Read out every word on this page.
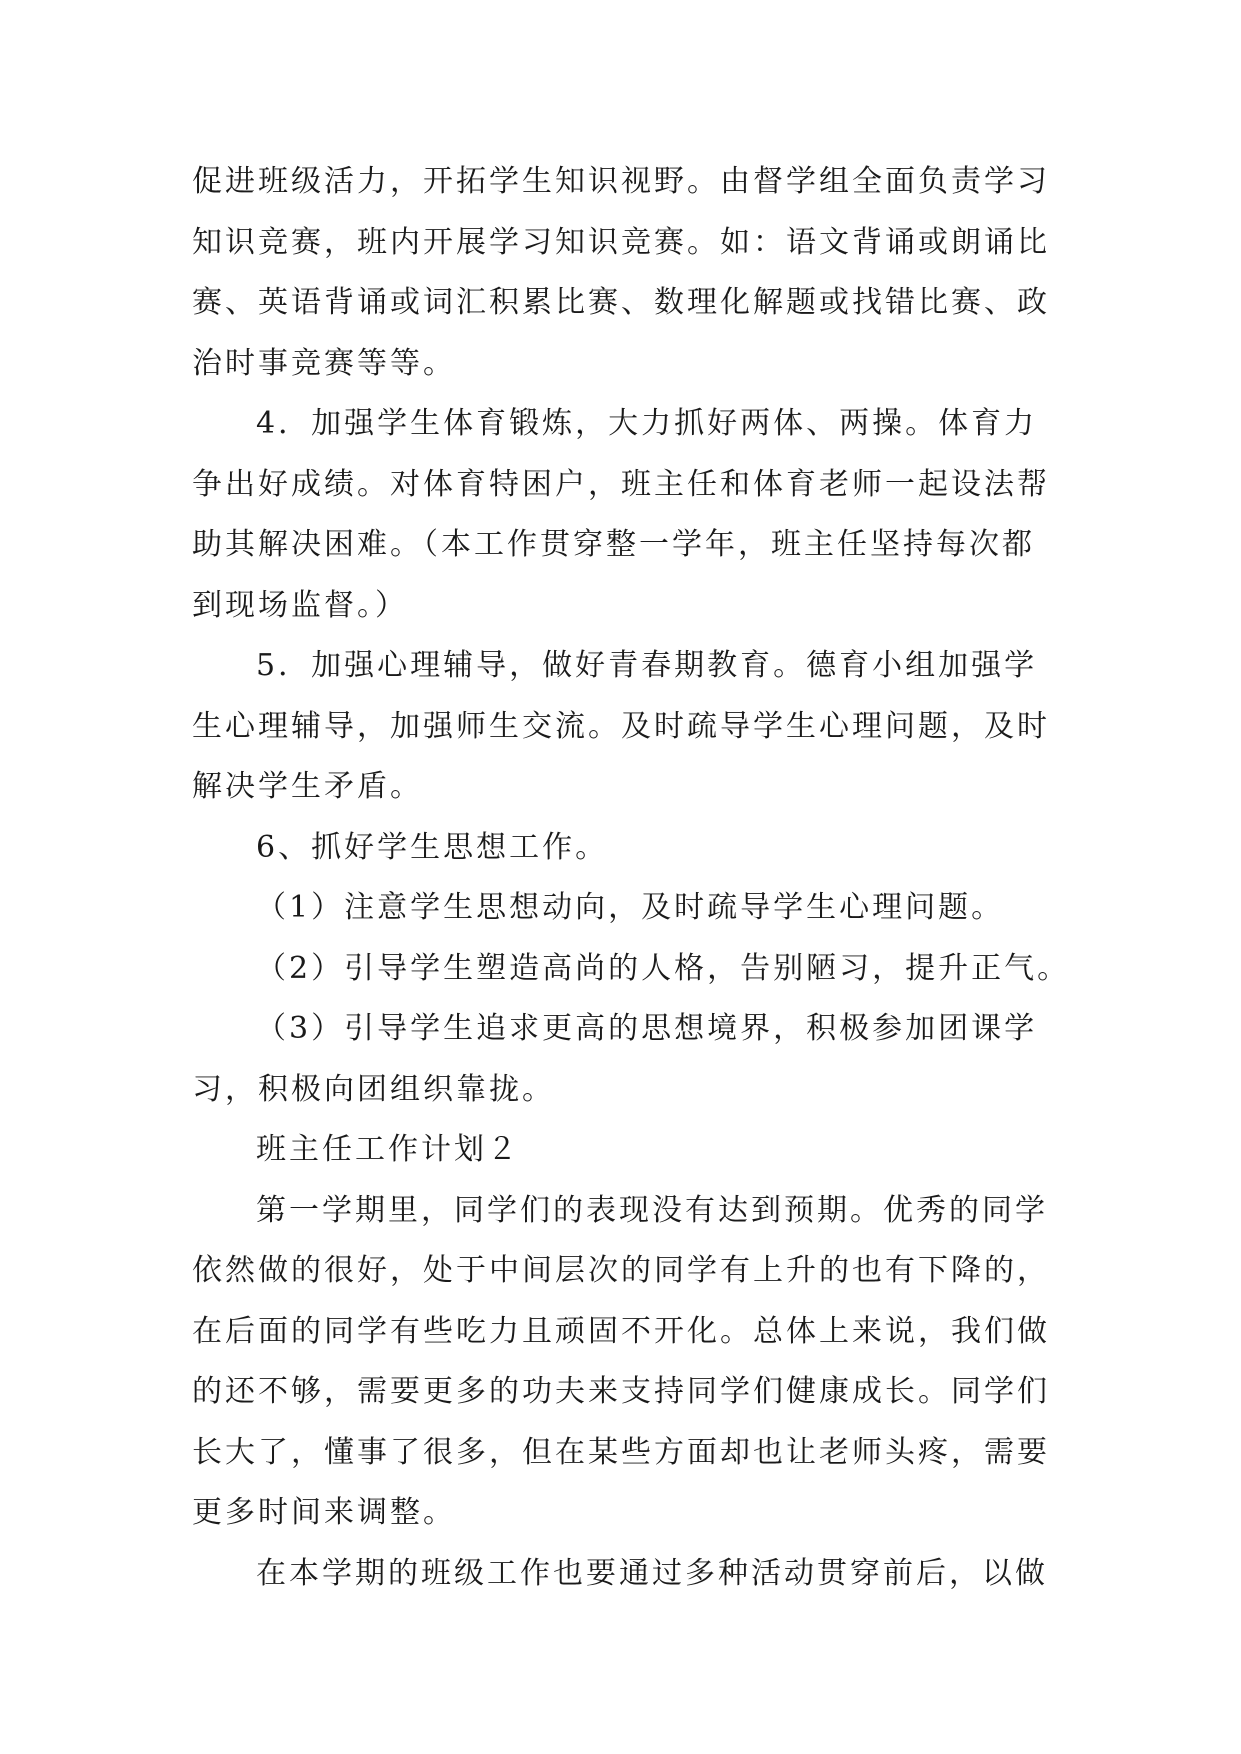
促进班级活力，开拓学生知识视野。由督学组全面负责学习
知识竞赛，班内开展学习知识竞赛。如：语文背诵或朗诵比
赛、英语背诵或词汇积累比赛、数理化解题或找错比赛、政
治时事竞赛等等。
4．加强学生体育锻炼，大力抓好两体、两操。体育力
争出好成绩。对体育特困户，班主任和体育老师一起设法帮
助其解决困难。（本工作贯穿整一学年，班主任坚持每次都
到现场监督。）
5．加强心理辅导，做好青春期教育。德育小组加强学
生心理辅导，加强师生交流。及时疏导学生心理问题，及时
解决学生矛盾。
6、抓好学生思想工作。
（1）注意学生思想动向，及时疏导学生心理问题。
（2）引导学生塑造高尚的人格，告别陋习，提升正气。
（3）引导学生追求更高的思想境界，积极参加团课学
习，积极向团组织靠拢。
班主任工作计划２
第一学期里，同学们的表现没有达到预期。优秀的同学
依然做的很好，处于中间层次的同学有上升的也有下降的，
在后面的同学有些吃力且顽固不开化。总体上来说，我们做
的还不够，需要更多的功夫来支持同学们健康成长。同学们
长大了，懂事了很多，但在某些方面却也让老师头疼，需要
更多时间来调整。
在本学期的班级工作也要通过多种活动贯穿前后，以做
